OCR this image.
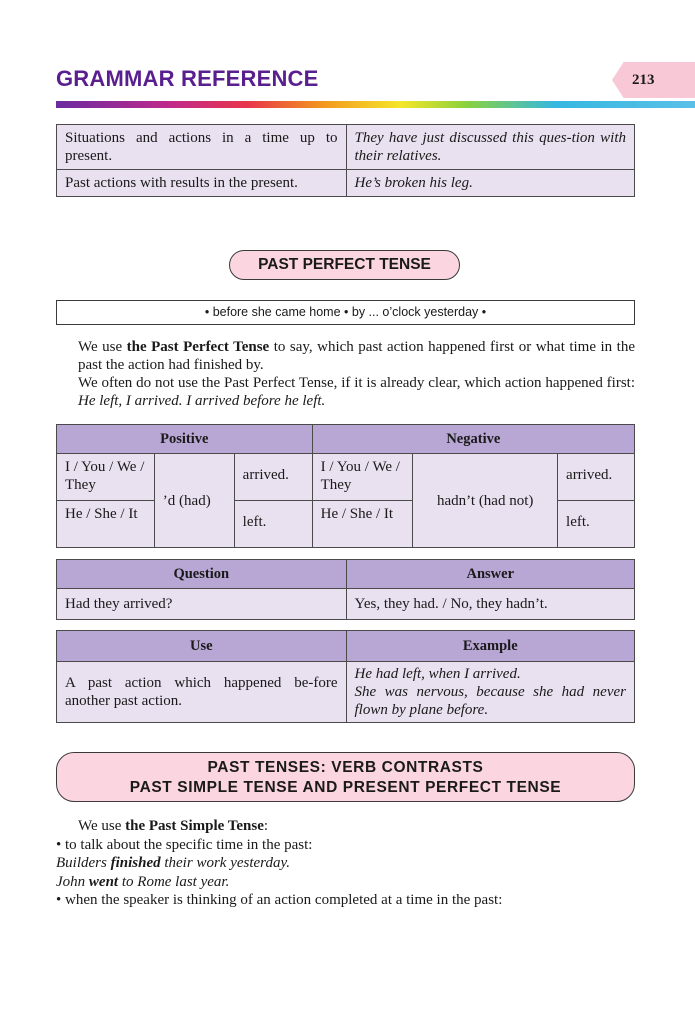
213
GRAMMAR REFERENCE
Situations and actions in a time up to present.	They have just discussed this ques-tion with their relatives.
Past actions with results in the present.	He’s broken his leg.
PAST PERFECT TENSE
• before she came home • by ... o’clock yesterday •
We use the Past Perfect Tense to say, which past action happened first or what time in the past the action had finished by.
We often do not use the Past Perfect Tense, if it is already clear, which action happened first: He left, I arrived. I arrived before he left.
Positive			Negative		
I / You / We / They	’d (had)	arrived.	I / You / We / They	hadn’t (had not)	arrived.
He / She / It		left.	He / She / It		left.
Question	Answer
Had they arrived?	Yes, they had. / No, they hadn’t.
Use	Example
A past action which happened be-fore another past action.	He had left, when I arrived.
She was nervous, because she had never flown by plane before.
PAST TENSES: VERB CONTRASTS
PAST SIMPLE TENSE AND PRESENT PERFECT TENSE
We use the Past Simple Tense:
• to talk about the specific time in the past:
Builders finished their work yesterday.
John went to Rome last year.
• when the speaker is thinking of an action completed at a time in the past:
